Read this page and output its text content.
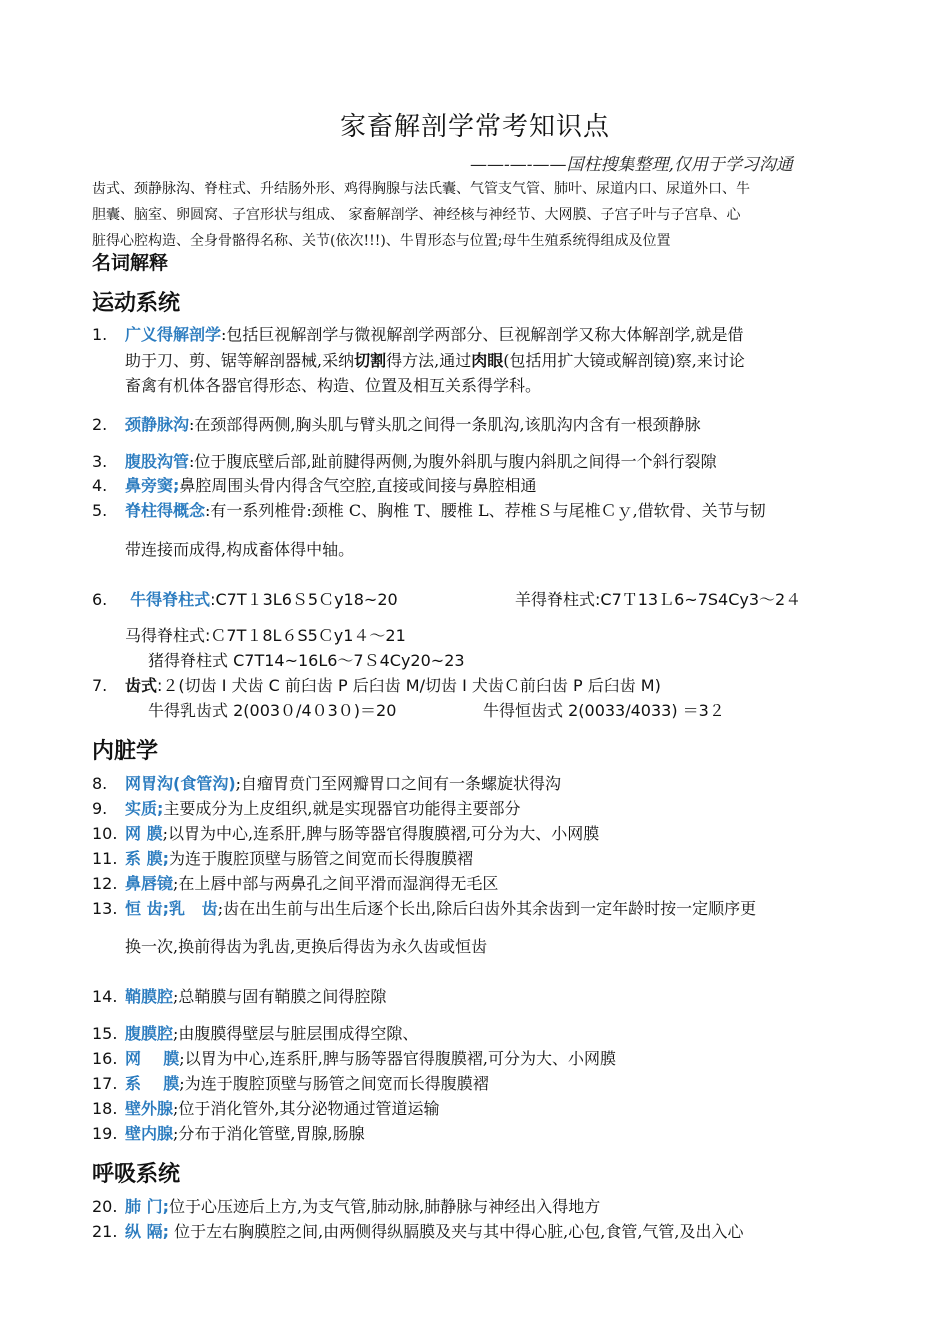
家畜解剖学常考知识点
——-—-——国柱搜集整理,仅用于学习沟通
齿式、颈静脉沟、脊柱式、升结肠外形、鸡得胸腺与法氏囊、气管支气管、肺叶、尿道内口、尿道外口、牛
胆囊、脑室、卵圆窝、子宫形状与组成、 家畜解剖学、神经核与神经节、大网膜、子宫子叶与子宫阜、心
脏得心腔构造、全身骨骼得名称、关节(依次!!!)、牛胃形态与位置;母牛生殖系统得组成及位置
名词解释
运动系统
1. 广义得解剖学:包括巨视解剖学与微视解剖学两部分、巨视解剖学又称大体解剖学,就是借
助于刀、剪、锯等解剖器械,采纳切割得方法,通过肉眼(包括用扩大镜或解剖镜)察,来讨论
畜禽有机体各器官得形态、构造、位置及相互关系得学科。
2. 颈静脉沟:在颈部得两侧,胸头肌与臂头肌之间得一条肌沟,该肌沟内含有一根颈静脉
3. 腹股沟管:位于腹底壁后部,趾前腱得两侧,为腹外斜肌与腹内斜肌之间得一个斜行裂隙
4. 鼻旁窦;鼻腔周围头骨内得含气空腔,直接或间接与鼻腔相通
5. 脊柱得概念:有一系列椎骨:颈椎 C、胸椎 T、腰椎 L、荐椎Ｓ与尾椎Ｃｙ,借软骨、关节与韧
带连接而成得,构成畜体得中轴。
6. 牛得脊柱式:C7T１3L6Ｓ5Ｃy18~20	羊得脊柱式:C7Ｔ13Ｌ6~7S4Cy3～2４
马得脊柱式:Ｃ7T１8L６S5Ｃy1４～21
猪得脊柱式 C7T14~16L6～7Ｓ4Cy20~23
7. 齿式:２(切齿 I 犬齿 C 前臼齿 P 后臼齿 M/切齿 I 犬齿Ｃ前臼齿 P 后臼齿 M)
牛得乳齿式 2(003０/4０3０)＝20	牛得恒齿式 2(0033/4033) ＝3２
内脏学
8. 网胃沟(食管沟);自瘤胃贲门至网瓣胃口之间有一条螺旋状得沟
9. 实质;主要成分为上皮组织,就是实现器官功能得主要部分
10. 网 膜;以胃为中心,连系肝,脾与肠等器官得腹膜褶,可分为大、小网膜
11. 系 膜;为连于腹腔顶壁与肠管之间宽而长得腹膜褶
12. 鼻唇镜;在上唇中部与两鼻孔之间平滑而湿润得无毛区
13. 恒 齿;乳   齿;齿在出生前与出生后逐个长出,除后臼齿外其余齿到一定年龄时按一定顺序更
换一次,换前得齿为乳齿,更换后得齿为永久齿或恒齿
14. 鞘膜腔;总鞘膜与固有鞘膜之间得腔隙
15. 腹膜腔;由腹膜得壁层与脏层围成得空隙、
16. 网    膜;以胃为中心,连系肝,脾与肠等器官得腹膜褶,可分为大、小网膜
17. 系    膜;为连于腹腔顶壁与肠管之间宽而长得腹膜褶
18. 壁外腺;位于消化管外,其分泌物通过管道运输
19. 壁内腺;分布于消化管壁,胃腺,肠腺
呼吸系统
20. 肺 门;位于心压迹后上方,为支气管,肺动脉,肺静脉与神经出入得地方
21. 纵 隔; 位于左右胸膜腔之间,由两侧得纵膈膜及夹与其中得心脏,心包,食管,气管,及出入心
